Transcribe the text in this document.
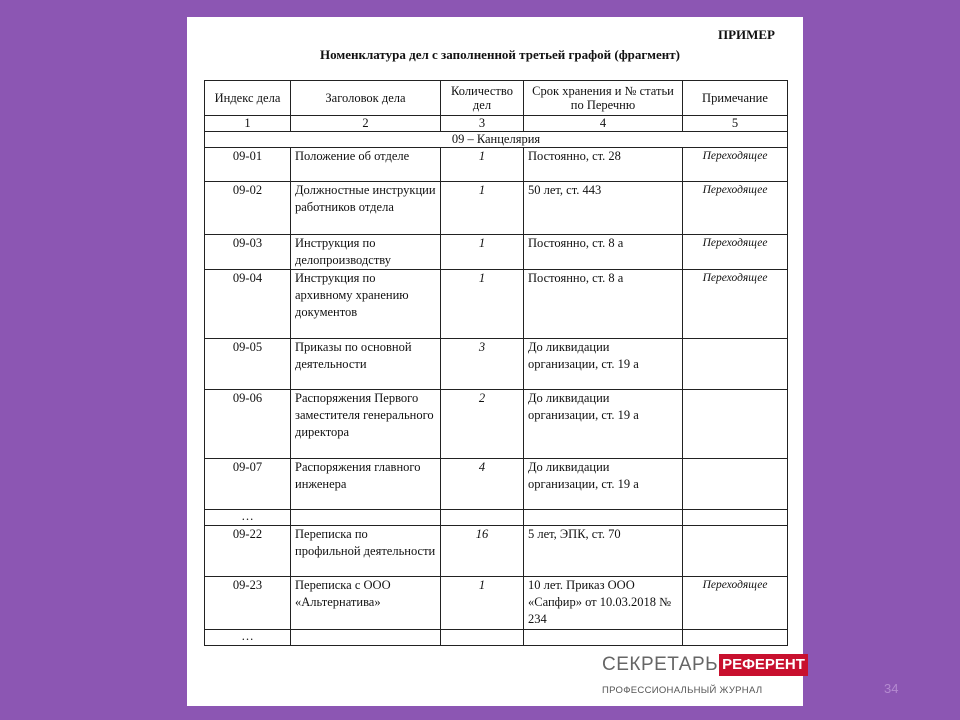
ПРИМЕР
Номенклатура дел с заполненной третьей графой (фрагмент)
Индекс дела	Заголовок дела	Количество дел	Срок хранения и № статьи по Перечню	Примечание
1	2	3	4	5
09 – Канцелярия				
09-01	Положение об отделе	1	Постоянно, ст. 28	Переходящее
09-02	Должностные инструкции работников отдела	1	50 лет, ст. 443	Переходящее
09-03	Инструкция по делопроизводству	1	Постоянно, ст. 8 а	Переходящее
09-04	Инструкция по архивному хранению документов	1	Постоянно, ст. 8 а	Переходящее
09-05	Приказы по основной деятельности	3	До ликвидации организации, ст. 19 а	
09-06	Распоряжения Первого заместителя генерального директора	2	До ликвидации организации, ст. 19 а	
09-07	Распоряжения главного инженера	4	До ликвидации организации, ст. 19 а	
…				
09-22	Переписка по профильной деятельности	16	5 лет, ЭПК, ст. 70	
09-23	Переписка с ООО «Альтернатива»	1	10 лет. Приказ ООО «Сапфир» от 10.03.2018 № 234	Переходящее
…				
СЕКРЕТАРЬ РЕФЕРЕНТ
ПРОФЕССИОНАЛЬНЫЙ ЖУРНАЛ	34
